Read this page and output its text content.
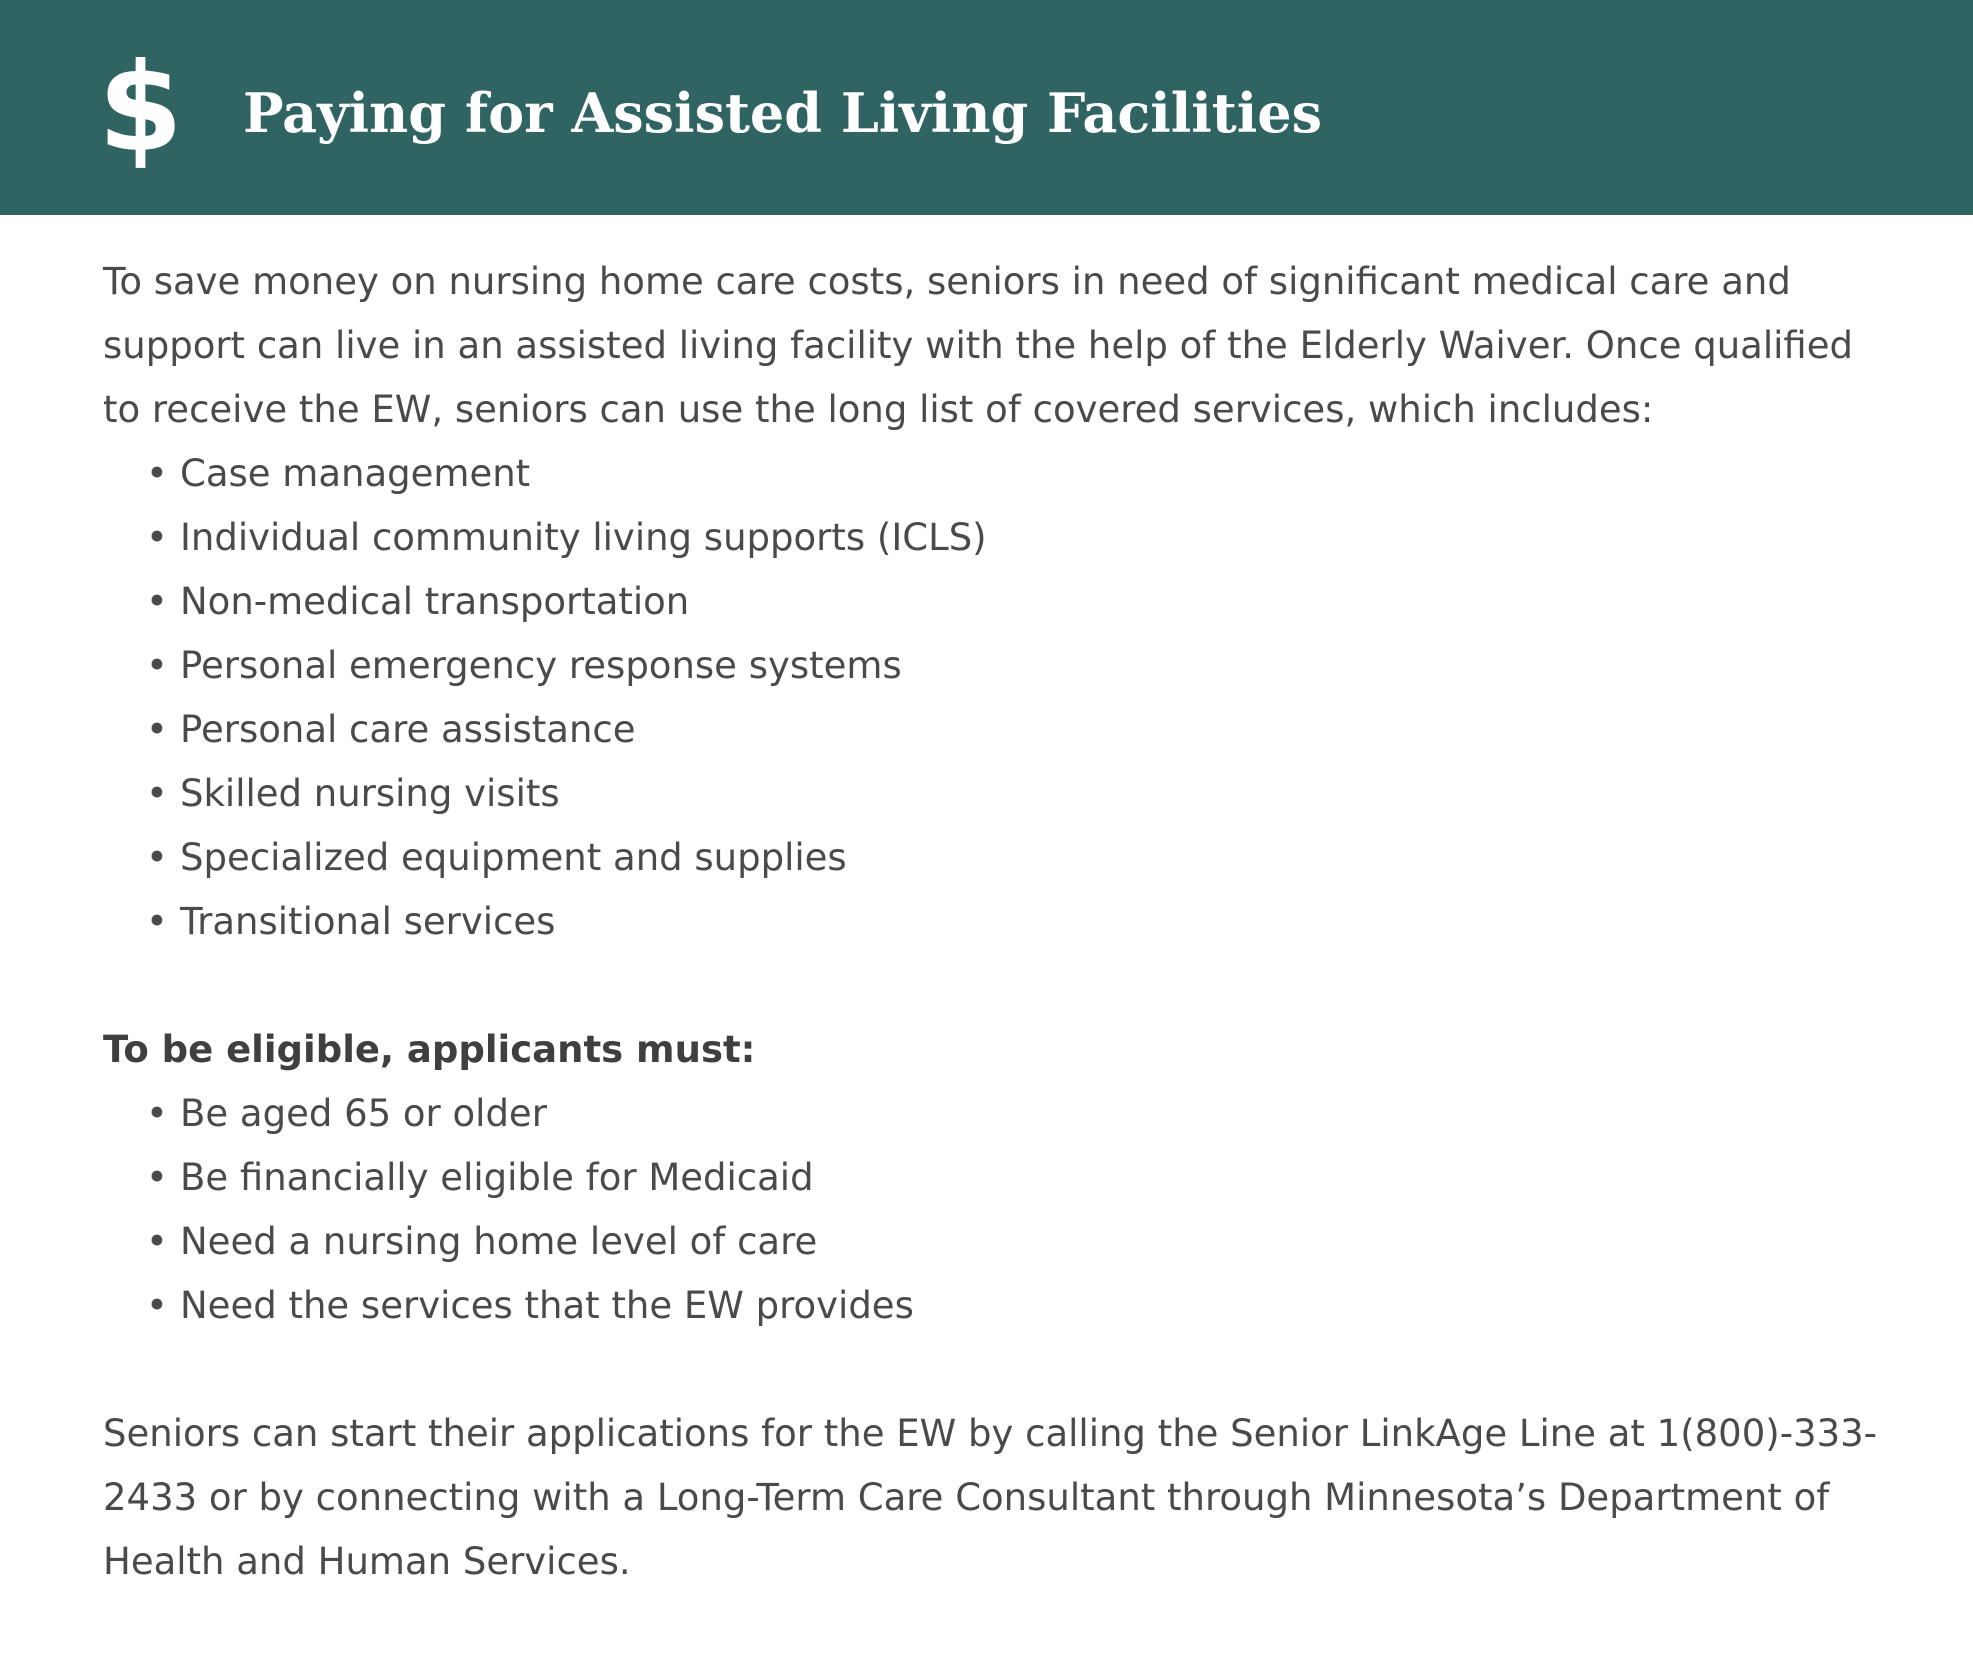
$ Paying for Assisted Living Facilities

To save money on nursing home care costs, seniors in need of significant medical care and support can live in an assisted living facility with the help of the Elderly Waiver. Once qualified to receive the EW, seniors can use the long list of covered services, which includes:

• Case management
• Individual community living supports (ICLS)
• Non-medical transportation
• Personal emergency response systems
• Personal care assistance
• Skilled nursing visits
• Specialized equipment and supplies
• Transitional services

To be eligible, applicants must:

• Be aged 65 or older
• Be financially eligible for Medicaid
• Need a nursing home level of care
• Need the services that the EW provides

Seniors can start their applications for the EW by calling the Senior LinkAge Line at 1(800)-333-2433 or by connecting with a Long-Term Care Consultant through Minnesota’s Department of Health and Human Services.
